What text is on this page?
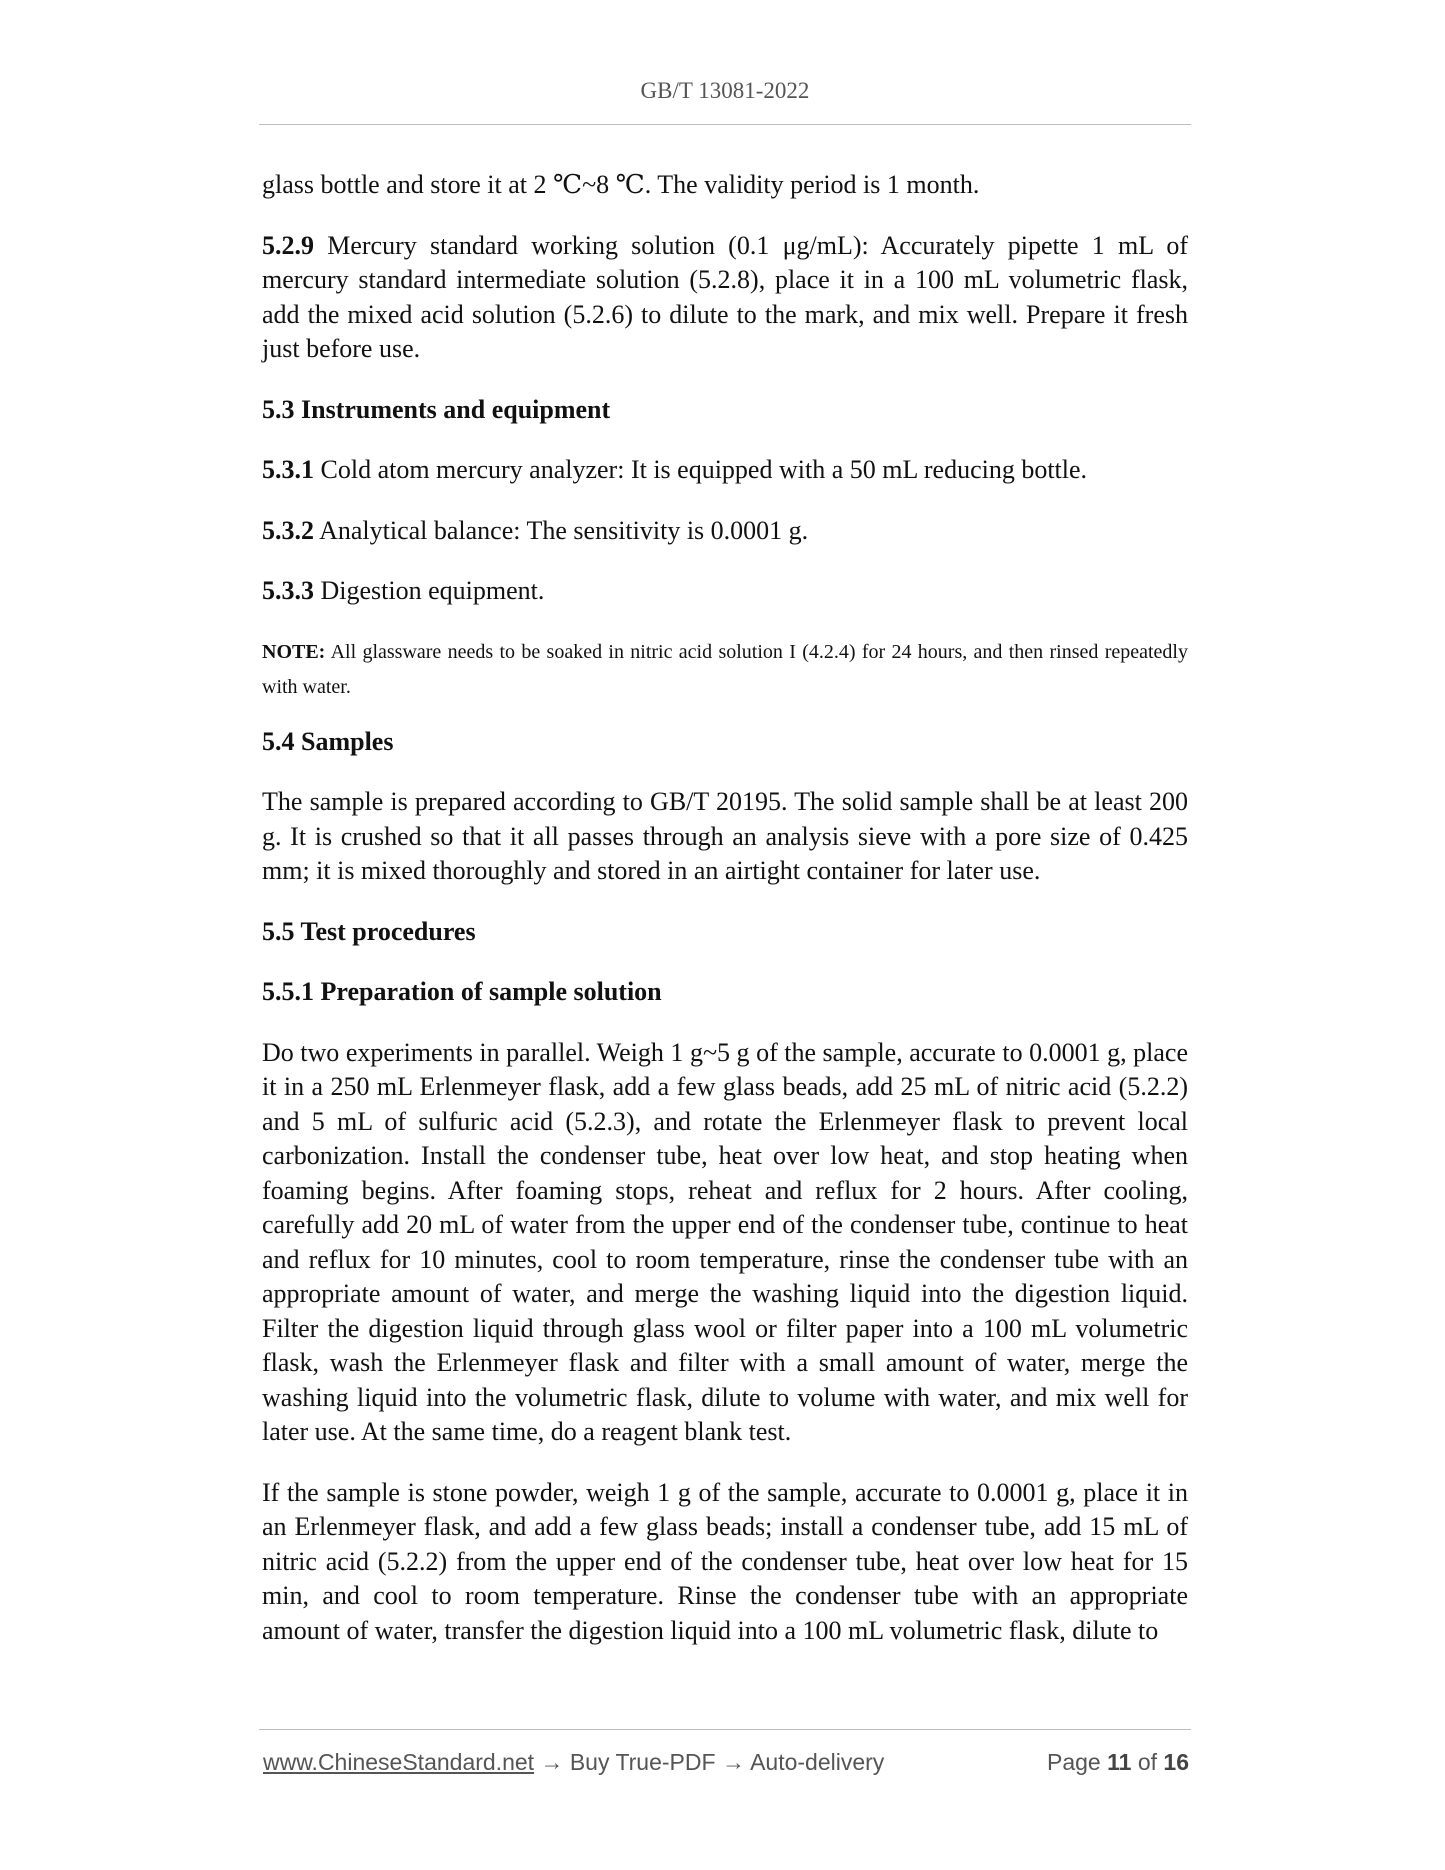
GB/T 13081-2022

glass bottle and store it at 2 ℃~8 ℃. The validity period is 1 month.

5.2.9 Mercury standard working solution (0.1 μg/mL): Accurately pipette 1 mL of mercury standard intermediate solution (5.2.8), place it in a 100 mL volumetric flask, add the mixed acid solution (5.2.6) to dilute to the mark, and mix well. Prepare it fresh just before use.

5.3 Instruments and equipment

5.3.1 Cold atom mercury analyzer: It is equipped with a 50 mL reducing bottle.

5.3.2 Analytical balance: The sensitivity is 0.0001 g.

5.3.3 Digestion equipment.

NOTE: All glassware needs to be soaked in nitric acid solution I (4.2.4) for 24 hours, and then rinsed repeatedly with water.

5.4 Samples

The sample is prepared according to GB/T 20195. The solid sample shall be at least 200 g. It is crushed so that it all passes through an analysis sieve with a pore size of 0.425 mm; it is mixed thoroughly and stored in an airtight container for later use.

5.5 Test procedures
5.5.1 Preparation of sample solution

Do two experiments in parallel. Weigh 1 g~5 g of the sample, accurate to 0.0001 g, place it in a 250 mL Erlenmeyer flask, add a few glass beads, add 25 mL of nitric acid (5.2.2) and 5 mL of sulfuric acid (5.2.3), and rotate the Erlenmeyer flask to prevent local carbonization. Install the condenser tube, heat over low heat, and stop heating when foaming begins. After foaming stops, reheat and reflux for 2 hours. After cooling, carefully add 20 mL of water from the upper end of the condenser tube, continue to heat and reflux for 10 minutes, cool to room temperature, rinse the condenser tube with an appropriate amount of water, and merge the washing liquid into the digestion liquid. Filter the digestion liquid through glass wool or filter paper into a 100 mL volumetric flask, wash the Erlenmeyer flask and filter with a small amount of water, merge the washing liquid into the volumetric flask, dilute to volume with water, and mix well for later use. At the same time, do a reagent blank test.

If the sample is stone powder, weigh 1 g of the sample, accurate to 0.0001 g, place it in an Erlenmeyer flask, and add a few glass beads; install a condenser tube, add 15 mL of nitric acid (5.2.2) from the upper end of the condenser tube, heat over low heat for 15 min, and cool to room temperature. Rinse the condenser tube with an appropriate amount of water, transfer the digestion liquid into a 100 mL volumetric flask, dilute to

www.ChineseStandard.net → Buy True-PDF → Auto-delivery	Page 11 of 16
